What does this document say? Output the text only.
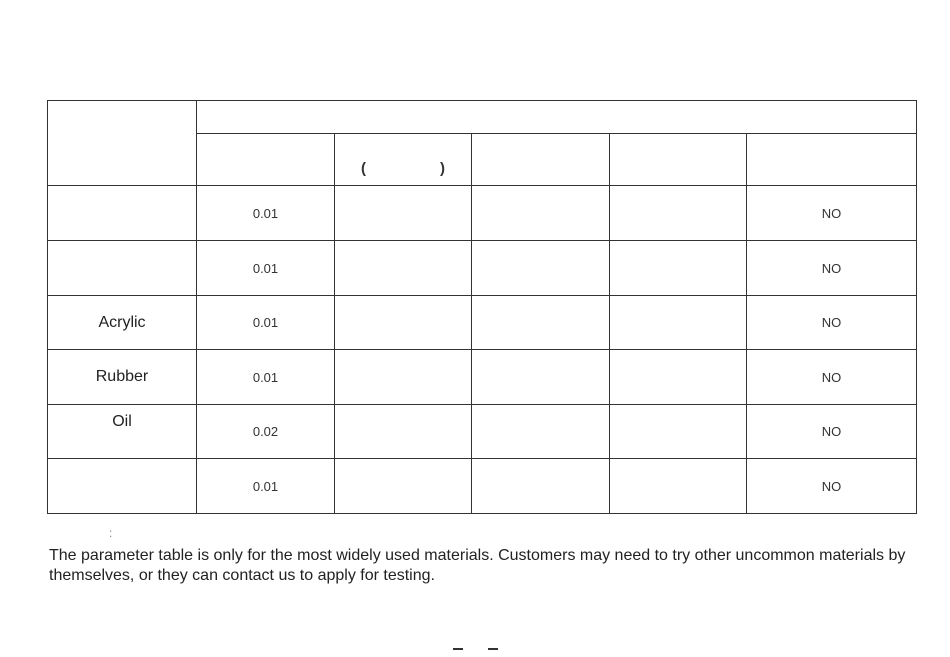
		( )			

	0.01				NO
	0.01				NO
Acrylic	0.01				NO
Rubber	0.01				NO
Oil	0.02				NO
	0.01				NO
:

The parameter table is only for the most widely used materials. Customers may need to try other uncommon materials by themselves, or they can contact us to apply for testing.
